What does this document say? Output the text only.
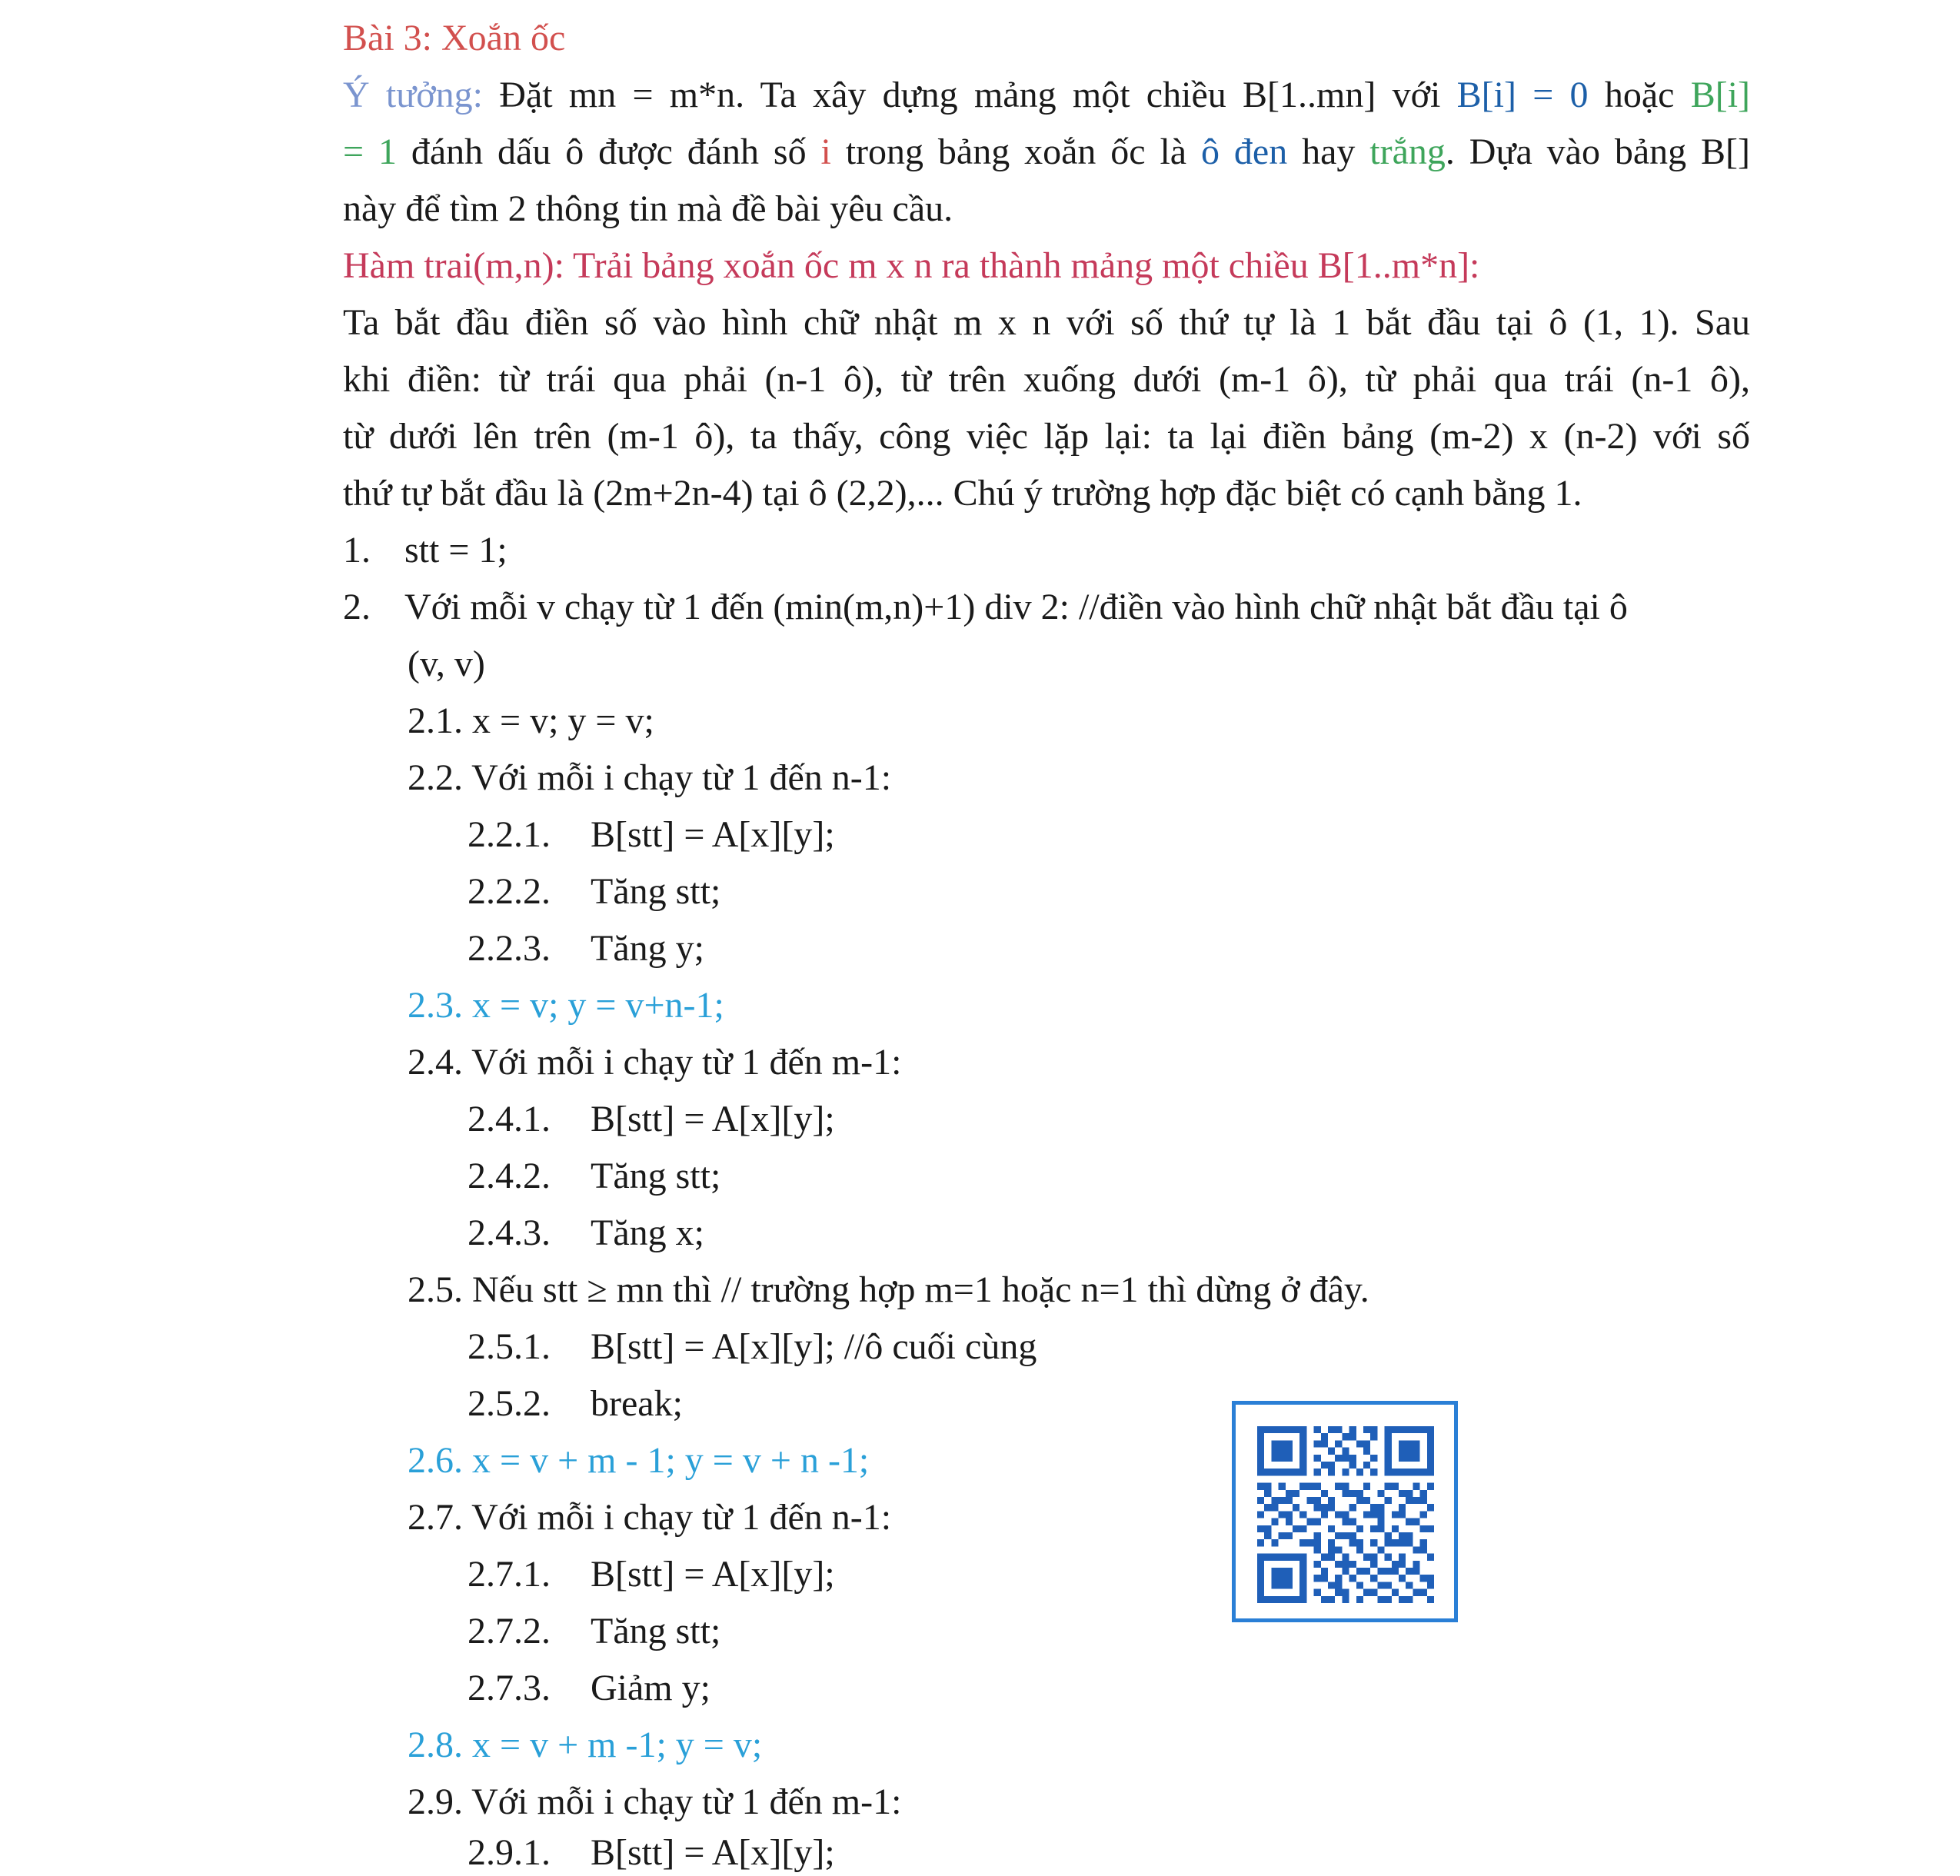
Bài 3: Xoắn ốc
Ý tưởng: Đặt mn = m*n. Ta xây dựng mảng một chiều B[1..mn] với B[i] = 0 hoặc B[i]
= 1 đánh dấu ô được đánh số i trong bảng xoắn ốc là ô đen hay trắng. Dựa vào bảng B[]
này để tìm 2 thông tin mà đề bài yêu cầu.
Hàm trai(m,n): Trải bảng xoắn ốc m x n ra thành mảng một chiều B[1..m*n]:
Ta bắt đầu điền số vào hình chữ nhật m x n với số thứ tự là 1 bắt đầu tại ô (1, 1). Sau
khi điền: từ trái qua phải (n-1 ô), từ trên xuống dưới (m-1 ô), từ phải qua trái (n-1 ô),
từ dưới lên trên (m-1 ô), ta thấy, công việc lặp lại: ta lại điền bảng (m-2) x (n-2) với số
thứ tự bắt đầu là (2m+2n-4) tại ô (2,2),... Chú ý trường hợp đặc biệt có cạnh bằng 1.
1. stt = 1;
2. Với mỗi v chạy từ 1 đến (min(m,n)+1) div 2: //điền vào hình chữ nhật bắt đầu tại ô
(v, v)
2.1. x = v; y = v;
2.2. Với mỗi i chạy từ 1 đến n-1:
2.2.1. B[stt] = A[x][y];
2.2.2. Tăng stt;
2.2.3. Tăng y;
2.3. x = v; y = v+n-1;
2.4. Với mỗi i chạy từ 1 đến m-1:
2.4.1. B[stt] = A[x][y];
2.4.2. Tăng stt;
2.4.3. Tăng x;
2.5. Nếu stt ≥ mn thì // trường hợp m=1 hoặc n=1 thì dừng ở đây.
2.5.1. B[stt] = A[x][y]; //ô cuối cùng
2.5.2. break;
2.6. x = v + m - 1; y = v + n -1;
2.7. Với mỗi i chạy từ 1 đến n-1:
2.7.1. B[stt] = A[x][y];
2.7.2. Tăng stt;
2.7.3. Giảm y;
2.8. x = v + m -1; y = v;
2.9. Với mỗi i chạy từ 1 đến m-1:
2.9.1. B[stt] = A[x][y];
